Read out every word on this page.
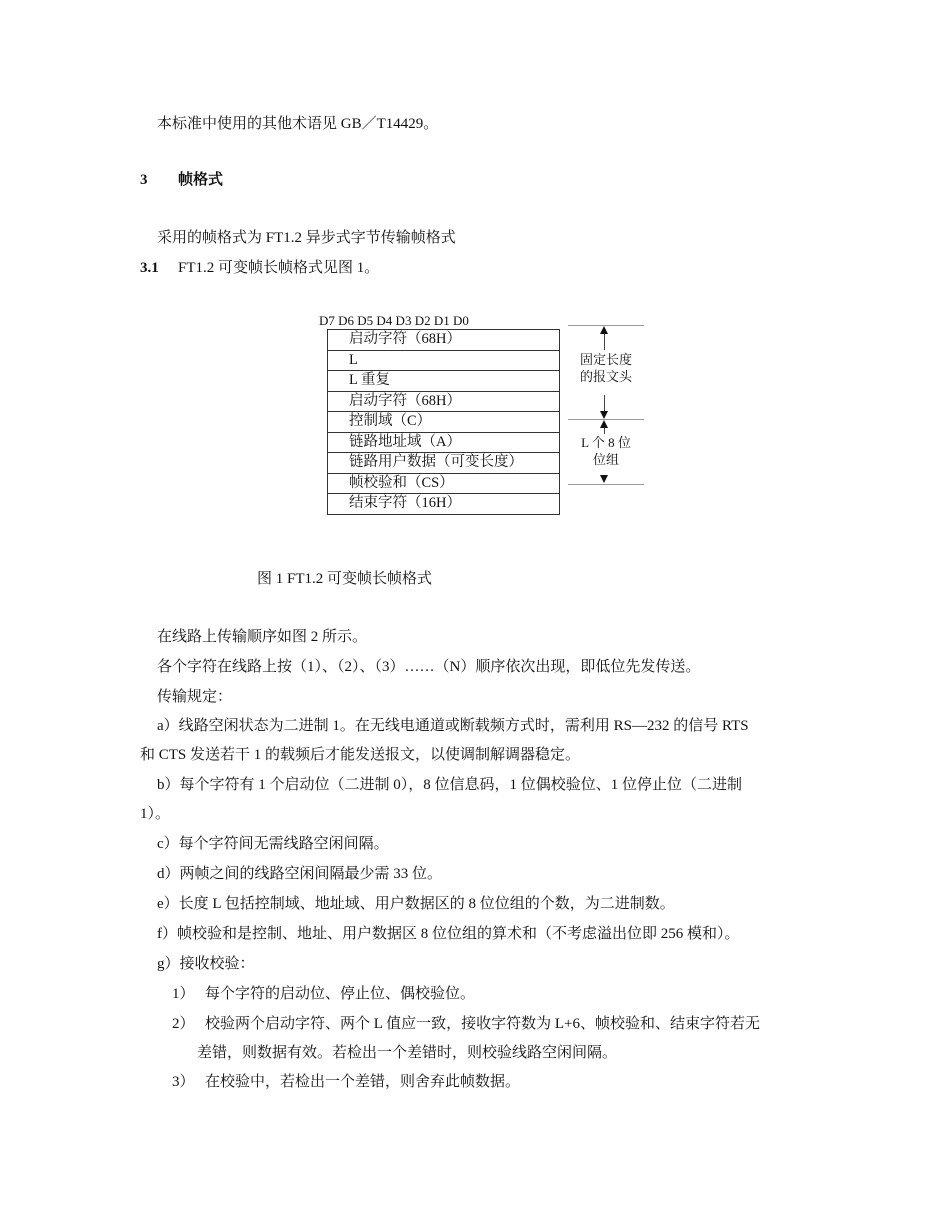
本标准中使用的其他术语见 GB／T14429。
3 帧格式
采用的帧格式为 FT1.2 异步式字节传输帧格式
3.1 FT1.2 可变帧长帧格式见图 1。
D7 D6 D5 D4 D3 D2 D1 D0
启动字符（68H）
L
L 重复
启动字符（68H）
控制域（C）
链路地址域（A）
链路用户数据（可变长度）
帧校验和（CS）
结束字符（16H）
固定长度
的报文头
L 个 8 位
位组
图 1 FT1.2 可变帧长帧格式
在线路上传输顺序如图 2 所示。
各个字符在线路上按（1）、（2）、（3）……（N）顺序依次出现，即低位先发传送。
传输规定：
a）线路空闲状态为二进制 1。在无线电通道或断载频方式时，需利用 RS—232 的信号 RTS
和 CTS 发送若干 1 的载频后才能发送报文，以使调制解调器稳定。
b）每个字符有 1 个启动位（二进制 0），8 位信息码，1 位偶校验位、1 位停止位（二进制
1）。
c）每个字符间无需线路空闲间隔。
d）两帧之间的线路空闲间隔最少需 33 位。
e）长度 L 包括控制域、地址域、用户数据区的 8 位位组的个数，为二进制数。
f）帧校验和是控制、地址、用户数据区 8 位位组的算术和（不考虑溢出位即 256 模和）。
g）接收校验：
1） 每个字符的启动位、停止位、偶校验位。
2） 校验两个启动字符、两个 L 值应一致，接收字符数为 L+6、帧校验和、结束字符若无
差错，则数据有效。若检出一个差错时，则校验线路空闲间隔。
3） 在校验中，若检出一个差错，则舍弃此帧数据。
